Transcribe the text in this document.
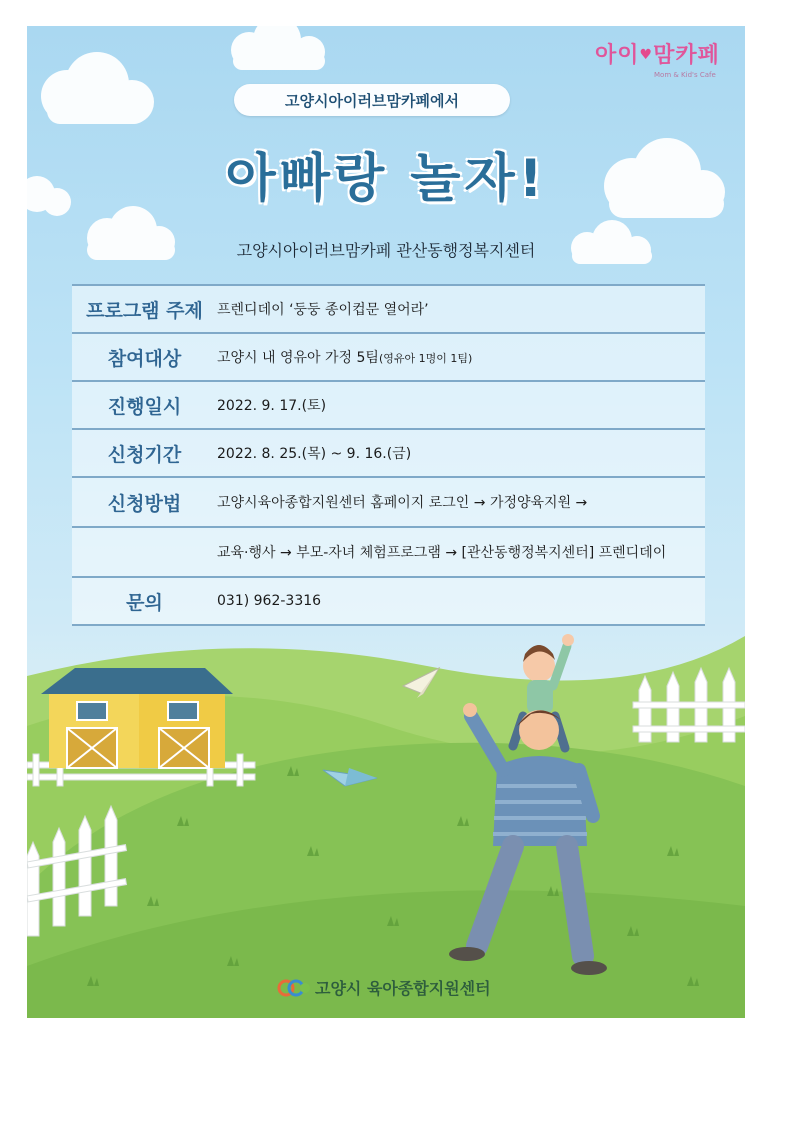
아이♥맘카페
Mom & Kid's Cafe
고양시아이러브맘카페에서
아빠랑 놀자!
고양시아이러브맘카페 관산동행정복지센터
프로그램 주제	프렌디데이 ‘둥둥 종이컵문 열어라’
참여대상	고양시 내 영유아 가정 5팀(영유아 1명이 1팀)
진행일시	2022. 9. 17.(토)
신청기간	2022. 8. 25.(목) ~ 9. 16.(금)
신청방법	고양시육아종합지원센터 홈페이지 로그인 → 가정양육지원 →
교육·행사 → 부모-자녀 체험프로그램 → [관산동행정복지센터] 프렌디데이
문의	031) 962-3316
고양시 육아종합지원센터
